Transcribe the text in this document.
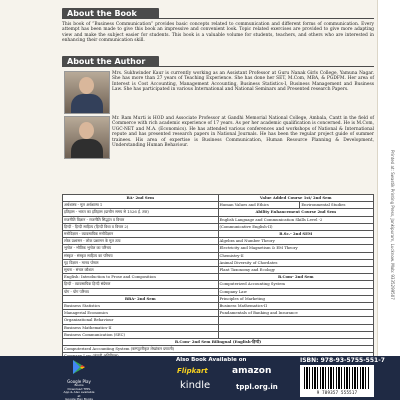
About the Book
This book of “Business Communication” provides basic concepts related to communication and different forms of communication. Every attempt has been made to give this book an impressive and convenient look. Topic related exercises are provided to give more adapting view and make the subject easier for students. This book is a valuable volume for students, teachers, and others who are interested in enhancing their communication skill.
About the Author
Mrs. Sukhwinder Kaur is currently working as an Assistant Professor at Guru Nanak Girls College, Yamuna Nagar. She has more than 27 years of Teaching Experience. She has done her SET, M.Com, MBA, & PGDFM. Her area of Interest is Cost Accounting, Management Accounting, Business Statistics-I, Business Management and Business Law. She has participated in various International and National Seminars and Presented research Papers.
Mr. Ram Murti is HOD and Associate Professor at Gandhi Memorial National College, Ambala, Cantt in the field of Commerce with rich academic experience of 17 years. As per her academic qualification is concerned. He is M.Com, UGC-NET and M.A. (Economics). He has attended various conferences and workshops of National & International repute and has presented research papers in National Journals. He has been the regular project guide of summer trainees. His area of expertise is Business Communication, Human Resource Planning & Development, Understanding Human Behaviour.
BA- 2nd Sem	Value Added Course 1st/ 2nd Sem	
अर्थशास्त्र - मूल अर्थशास्त्र 1	Human Values and Ethics	Environmental Studies
इतिहास - भारत का इतिहास (प्राचीन समय से 1526 ई. तक)	Ability Enhancement Course 2nd Sem	
राजनीति विज्ञान - राजनीति सिद्धांत व विचार	English Language and Communication Skills Level -2	
हिन्दी - हिन्दी साहित्य (हिन्दी विधा व विचार 2)	(Communicative English-II)	
मनोविज्ञान - व्यावसायिक मनोविज्ञान	B.Sc.- 2nd SEM	
लोक प्रशासन - लोक प्रशासन के मूल तत्व	Algebra and Number Theory	
भूगोल - भौतिक भूगोल का परिचय	Electricity and Magnetism & EM Theory	
संस्कृत - संस्कृत साहित्य का परिचय	Chemistry-II	
गृह विज्ञान - मानव पोषण	Animal Diversity of Chordates	
सूचना - संचार कौशल	Plant Taxonomy and Ecology	
English: Introduction to Prose and Composition	B.Com- 2nd Sem	
हिन्दी - व्यावसायिक हिन्दी संप्रेषण	Computerized Accounting System	
योग - योग परिचय	Company Law	
BBA- 2nd Sem	Principles of Marketing	
Business Statistics	Business Mathematics-II	
Managerial Economics	Fundamentals of Banking and Insurance	
Organizational Behaviour		
Business Mathematics-II		
Business Communication (SEC)		
B.Com- 2nd Sem Bilingual (English-हिन्दी)		
Computerized Accounting System (कम्प्यूटरीकृत लेखांकन प्रणाली)		

Printed at: Swastik Printing Press, Jankipuram, Lucknow. Mob: 9335299507
Google Play
Books
Download TPPL
App & Also available at
Google Play Books
Also Book Available on
Flipkart	amazon
kindle	tppl.org.in
ISBN: 978-93-5755-551-7
9 789357 555517
